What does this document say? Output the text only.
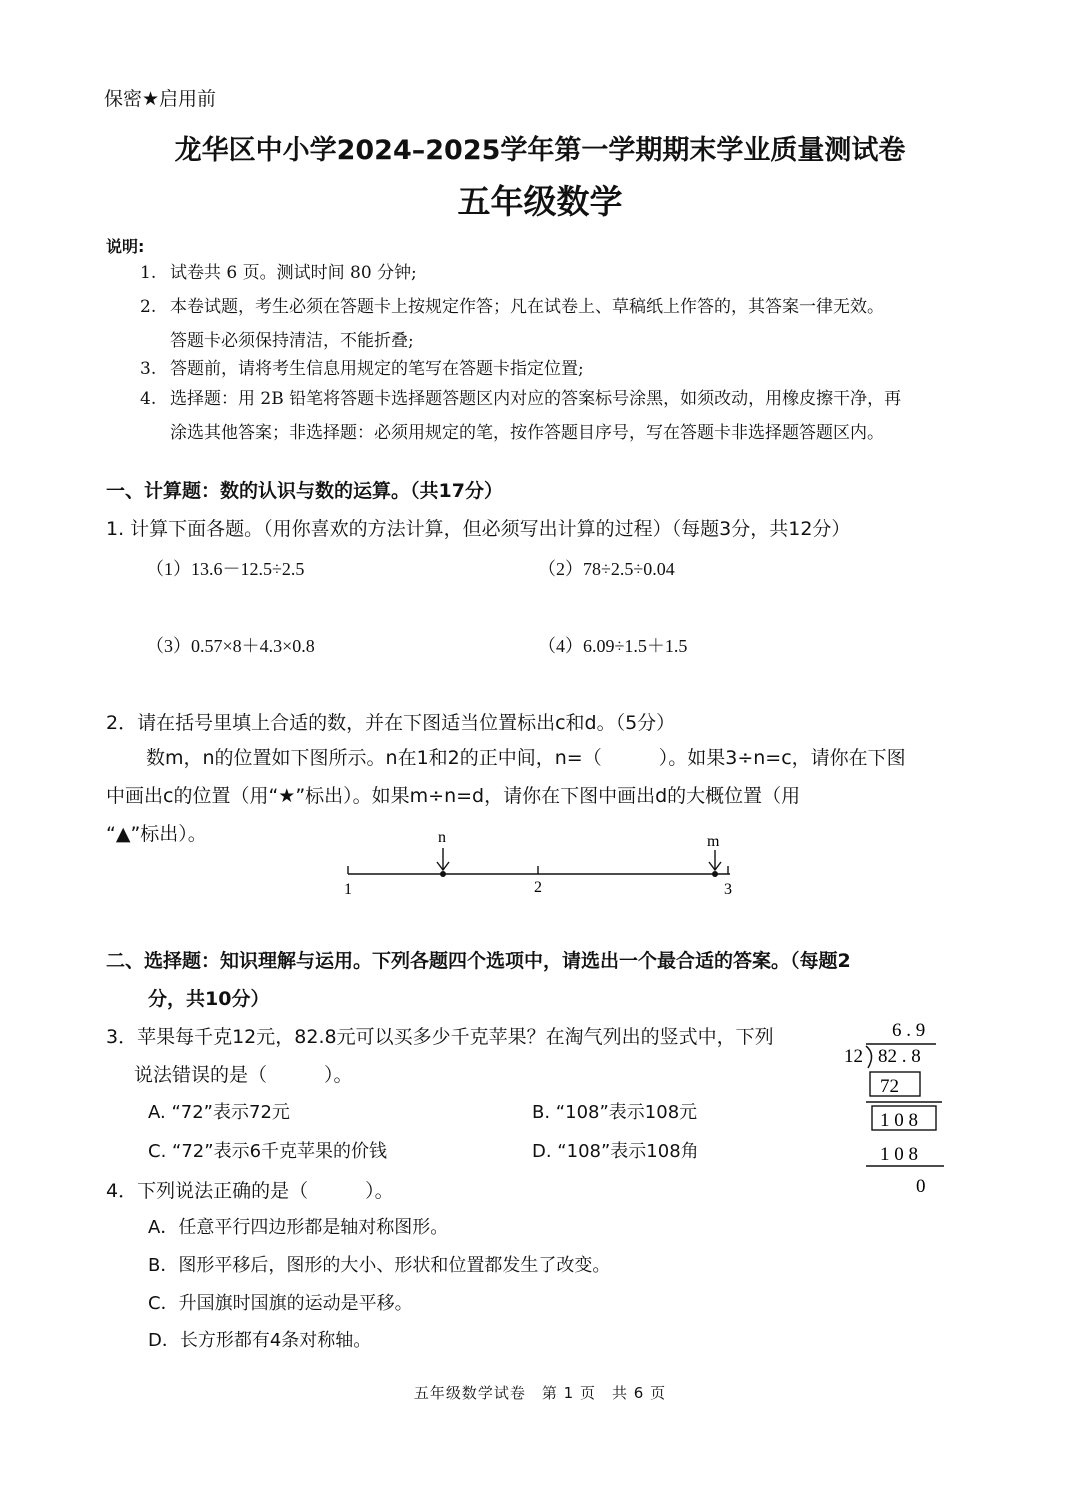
保密★启用前
龙华区中小学2024–2025学年第一学期期末学业质量测试卷
五年级数学
说明:
1. 试卷共 6 页。测试时间 80 分钟;
2. 本卷试题，考生必须在答题卡上按规定作答；凡在试卷上、草稿纸上作答的，其答案一律无效。
答题卡必须保持清洁，不能折叠;
3. 答题前，请将考生信息用规定的笔写在答题卡指定位置;
4. 选择题：用 2B 铅笔将答题卡选择题答题区内对应的答案标号涂黑，如须改动，用橡皮擦干净，再
涂选其他答案；非选择题：必须用规定的笔，按作答题目序号，写在答题卡非选择题答题区内。
一、计算题：数的认识与数的运算。（共17分）
1. 计算下面各题。（用你喜欢的方法计算，但必须写出计算的过程）（每题3分，共12分）
（1）13.6－12.5÷2.5	（2）78÷2.5÷0.04
（3）0.57×8＋4.3×0.8	（4）6.09÷1.5＋1.5
2．请在括号里填上合适的数，并在下图适当位置标出c和d。（5分）
数m，n的位置如下图所示。n在1和2的正中间，n=（　　　）。如果3÷n=c，请你在下图
中画出c的位置（用“★”标出）。如果m÷n=d，请你在下图中画出d的大概位置（用
“▲”标出）。
1	2	3
n	m
二、选择题：知识理解与运用。下列各题四个选项中，请选出一个最合适的答案。（每题2
分，共10分）
3．苹果每千克12元，82.8元可以买多少千克苹果？在淘气列出的竖式中，下列
说法错误的是（　　　）。
A. “72”表示72元	B. “108”表示108元
C. “72”表示6千克苹果的价钱	D. “108”表示108角
6 . 9
12 82 . 8
72
1 0 8
1 0 8
0
4．下列说法正确的是（　　　）。
A．任意平行四边形都是轴对称图形。
B．图形平移后，图形的大小、形状和位置都发生了改变。
C．升国旗时国旗的运动是平移。
D．长方形都有4条对称轴。
五年级数学试卷　第 1 页　共 6 页
